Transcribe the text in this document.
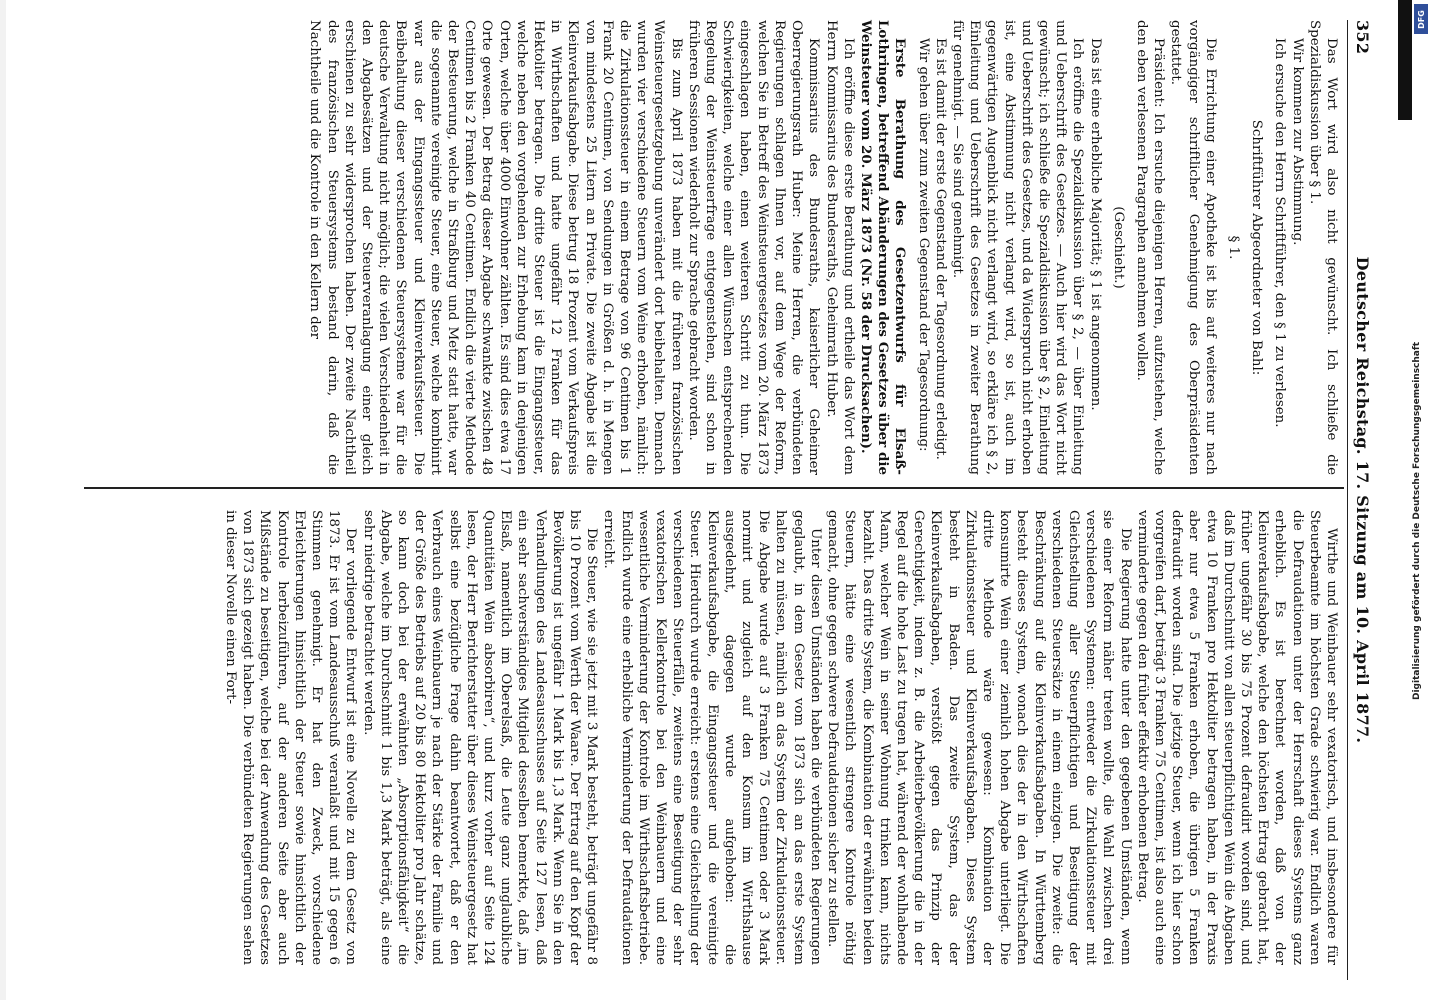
352
Deutscher Reichstag. 17. Sitzung am 10. April 1877.

Das Wort wird also nicht gewünscht. Ich schließe die Spezialdiskussion über § 1.

Wir kommen zur Abstimmung.

Ich ersuche den Herrn Schriftführer, den § 1 zu verlesen.

Schriftführer Abgeordneter von Bahl:

§ 1.

Die Errichtung einer Apotheke ist bis auf weiteres nur nach vorgängiger schriftlicher Genehmigung des Oberpräsidenten gestattet.

Präsident: Ich ersuche diejenigen Herren, aufzustehen, welche den eben verlesenen Paragraphen annehmen wollen.

(Geschieht.)

Das ist eine erhebliche Majorität; § 1 ist angenommen.

Ich eröffne die Spezialdiskussion über § 2, — über Einleitung und Ueberschrift des Gesetzes. — Auch hier wird das Wort nicht gewünscht; ich schließe die Spezialdiskussion über § 2, Einleitung und Ueberschrift des Gesetzes, und da Widerspruch nicht erhoben ist, eine Abstimmung nicht verlangt wird, so ist, auch im gegenwärtigen Augenblick nicht verlangt wird, so erkläre ich § 2, Einleitung und Ueberschrift des Gesetzes in zweiter Berathung für genehmigt. — Sie sind genehmigt.

Es ist damit der erste Gegenstand der Tagesordnung erledigt.

Wir gehen über zum zweiten Gegenstand der Tagesordnung:

Erste Berathung des Gesetzentwurfs für Elsaß-Lothringen, betreffend Abänderungen des Gesetzes über die Weinsteuer vom 20. März 1873 (Nr. 58 der Drucksachen).

Ich eröffne diese erste Berathung und ertheile das Wort dem Herrn Kommissarius des Bundesraths, Geheimrath Huber.

Kommissarius des Bundesraths, kaiserlicher Geheimer Oberregierungsrath Huber: Meine Herren, die verbündeten Regierungen schlagen Ihnen vor, auf dem Wege der Reform, welchen Sie in Betreff des Weinsteuergesetzes vom 20. März 1873 eingeschlagen haben, einen weiteren Schritt zu thun. Die Schwierigkeiten, welche einer allen Wünschen entsprechenden Regelung der Weinsteuerfrage entgegenstehen, sind schon in früheren Sessionen wiederholt zur Sprache gebracht worden.

Bis zum April 1873 haben mit die früheren französischen Weinsteuergesetzgebung unverändert dort beibehalten. Demnach wurden vier verschiedene Steuern vom Weine erhoben, nämlich: die Zirkulationssteuer in einem Betrage von 96 Centimen bis 1 Frank 20 Centimen, von Sendungen in Größen d. h. in Mengen von mindestens 25 Litern an Private. Die zweite Abgabe ist die Kleinverkaufsabgabe. Diese betrug 18 Prozent vom Verkaufspreis in Wirthschaften und hatte ungefähr 12 Franken für das Hektoliter betragen. Die dritte Steuer ist die Eingangssteuer, welche neben den vorgehenden zur Erhebung kam in denjenigen Orten, welche über 4000 Einwohner zählten. Es sind dies etwa 17 Orte gewesen. Der Betrag dieser Abgabe schwankte zwischen 48 Centimen bis 2 Franken 40 Centimen. Endlich die vierte Methode der Besteuerung, welche in Straßburg und Metz statt hatte, war die sogenannte vereinigte Steuer, eine Steuer, welche kombinirt war aus der Eingangssteuer und Kleinverkaufssteuer. Die Beibehaltung dieser verschiedenen Steuersysteme war für die deutsche Verwaltung nicht möglich; die vielen Verschiedenheit in den Abgabesätzen und der Steuerveranlagung einer gleich erschienen zu sehr widersprochen haben. Der zweite Nachtheil des französischen Steuersystems bestand darin, daß die Nachtheile und die Kontrole in den Kellern der

Wirthe und Weinbauer sehr vexatorisch, und insbesondere für Steuerbeamte im höchsten Grade schwierig war. Endlich waren die Defraudationen unter der Herrschaft dieses Systems ganz erheblich. Es ist berechnet worden, daß von der Kleinverkaufsabgabe, welche den höchsten Ertrag gebracht hat, früher ungefähr 30 bis 75 Prozent defraudirt worden sind, und daß im Durchschnitt von allen steuerpflichtigen Wein die Abgaben etwa 10 Franken pro Hektoliter betragen haben, in der Praxis aber nur etwa 5 Franken erhoben, die übrigen 5 Franken defraudirt worden sind. Die jetzige Steuer, wenn ich hier schon vorgreifen darf, beträgt 3 Franken 75 Centimen, ist also auch eine verminderte gegen den früher effektiv erhobenen Betrag.

Die Regierung hatte unter den gegebenen Umständen, wenn sie einer Reform näher treten wollte, die Wahl zwischen drei verschiedenen Systemen: entweder die Zirkulationssteuer mit Gleichstellung aller Steuerpflichtigen und Beseitigung der verschiedenen Steuersätze in einem einzigen. Die zweite: die Beschränkung auf die Kleinverkaufsabgaben. In Württemberg besteht dieses System, wonach dies der in den Wirthschaften konsumirte Wein einer ziemlich hohen Abgabe unterliegt. Die dritte Methode wäre gewesen: Kombination der Zirkulationssteuer und Kleinverkaufsabgaben. Dieses System besteht in Baden. Das zweite System, das der Kleinverkaufsabgaben, verstößt gegen das Prinzip der Gerechtigkeit, indem z. B. die Arbeiterbevölkerung die in der Regel auf die hohe Last zu tragen hat, während der wohlhabende Mann, welcher Wein in seiner Wohnung trinken kann, nichts bezahlt. Das dritte System, die Kombination der erwähnten beiden Steuern, hätte eine wesentlich strengere Kontrole nöthig gemacht, ohne gegen schwere Defraudationen sicher zu stellen.

Unter diesen Umständen haben die verbündeten Regierungen geglaubt, in dem Gesetz vom 1873 sich an das erste System halten zu müssen, nämlich an das System der Zirkulationssteuer. Die Abgabe wurde auf 3 Franken 75 Centimen oder 3 Mark normirt und zugleich auf den Konsum im Wirthshause ausgedehnt, dagegen wurde aufgehoben: die Kleinverkaufsabgabe, die Eingangssteuer und die vereinigte Steuer. Hierdurch wurde erreicht: erstens eine Gleichstellung der verschiedenen Steuerfälle, zweitens eine Beseitigung der sehr vexatorischen Kellerkontrole bei den Weinbauern und eine wesentliche Verminderung der Kontrole im Wirthschaftsbetriebe. Endlich wurde eine erhebliche Verminderung der Defraudationen erreicht.

Die Steuer, wie sie jetzt mit 3 Mark besteht, beträgt ungefähr 8 bis 10 Prozent vom Werth der Waare. Der Ertrag auf den Kopf der Bevölkerung ist ungefähr 1 Mark bis 1,3 Mark. Wenn Sie in den Verhandlungen des Landesausschusses auf Seite 127 lesen, daß ein sehr sachverständiges Mitglied desselben bemerkte, daß „im Elsaß, namentlich im Oberelsaß, die Leute ganz unglaubliche Quantitäten Wein absorbiren“, und kurz vorher auf Seite 124 lesen, der Herr Berichterstatter über dieses Weinsteuergesetz hat selbst eine bezügliche Frage dahin beantwortet, daß er den Verbrauch eines Weinbauern je nach der Stärke der Familie und der Größe des Betriebs auf 20 bis 80 Hektoliter pro Jahr schätze, so kann doch bei der erwähnten „Absorptionsfähigkeit“ die Abgabe, welche im Durchschnitt 1 bis 1,3 Mark beträgt, als eine sehr niedrige betrachtet werden.

Der vorliegende Entwurf ist eine Novelle zu dem Gesetz von 1873. Er ist vom Landesausschuß veranlaßt und mit 15 gegen 6 Stimmen genehmigt. Er hat den Zweck, vorschiedene Erleichterungen hinsichtlich der Steuer sowie hinsichtlich der Kontrole herbeizuführen, auf der anderen Seite aber auch Mißstände zu beseitigen, welche bei der Anwendung des Gesetzes von 1873 sich gezeigt haben. Die verbündeten Regierungen sehen in dieser Novelle einen Fort-

DFG
Digitalisierung gefördert durch die Deutsche Forschungsgemeinschaft
